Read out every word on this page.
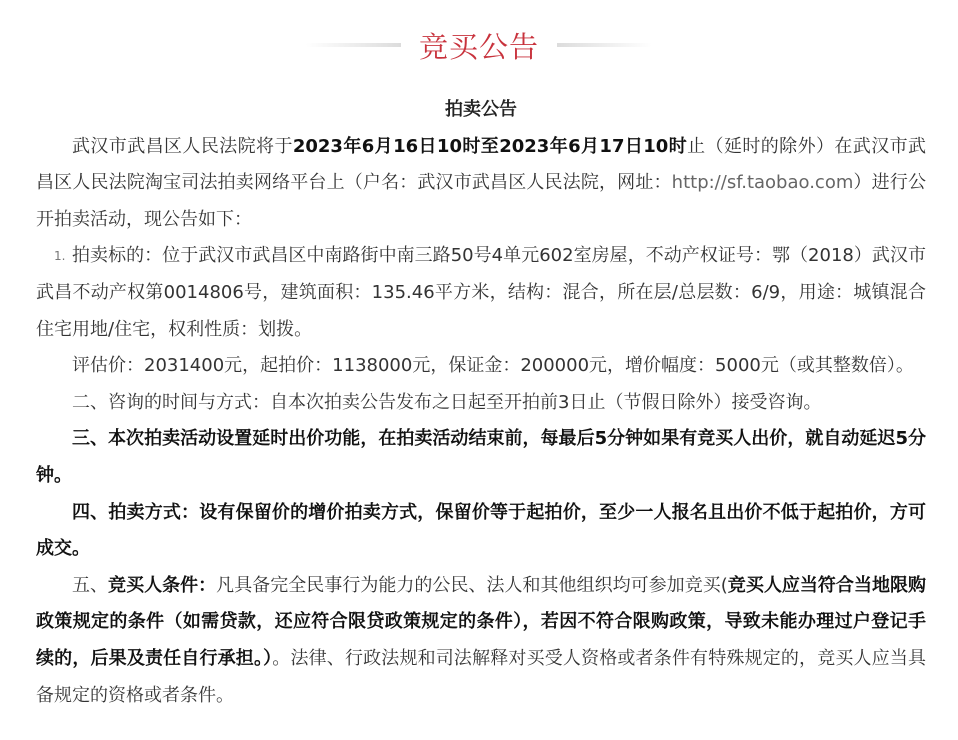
竞买公告
拍卖公告

武汉市武昌区人民法院将于2023年6月16日10时至2023年6月17日10时止（延时的除外）在武汉市武昌区人民法院淘宝司法拍卖网络平台上（户名：武汉市武昌区人民法院，网址：http://sf.taobao.com）进行公开拍卖活动，现公告如下：

1. 拍卖标的：位于武汉市武昌区中南路街中南三路50号4单元602室房屋，不动产权证号：鄂（2018）武汉市武昌不动产权第0014806号，建筑面积：135.46平方米，结构：混合，所在层/总层数：6/9，用途：城镇混合住宅用地/住宅，权利性质：划拨。

评估价：2031400元，起拍价：1138000元，保证金：200000元，增价幅度：5000元（或其整数倍）。

二、咨询的时间与方式：自本次拍卖公告发布之日起至开拍前3日止（节假日除外）接受咨询。

三、本次拍卖活动设置延时出价功能，在拍卖活动结束前，每最后5分钟如果有竞买人出价，就自动延迟5分钟。

四、拍卖方式：设有保留价的增价拍卖方式，保留价等于起拍价，至少一人报名且出价不低于起拍价，方可成交。

五、竞买人条件：凡具备完全民事行为能力的公民、法人和其他组织均可参加竞买(竞买人应当符合当地限购政策规定的条件（如需贷款，还应符合限贷政策规定的条件），若因不符合限购政策，导致未能办理过户登记手续的，后果及责任自行承担。）。法律、行政法规和司法解释对买受人资格或者条件有特殊规定的，竞买人应当具备规定的资格或者条件。
